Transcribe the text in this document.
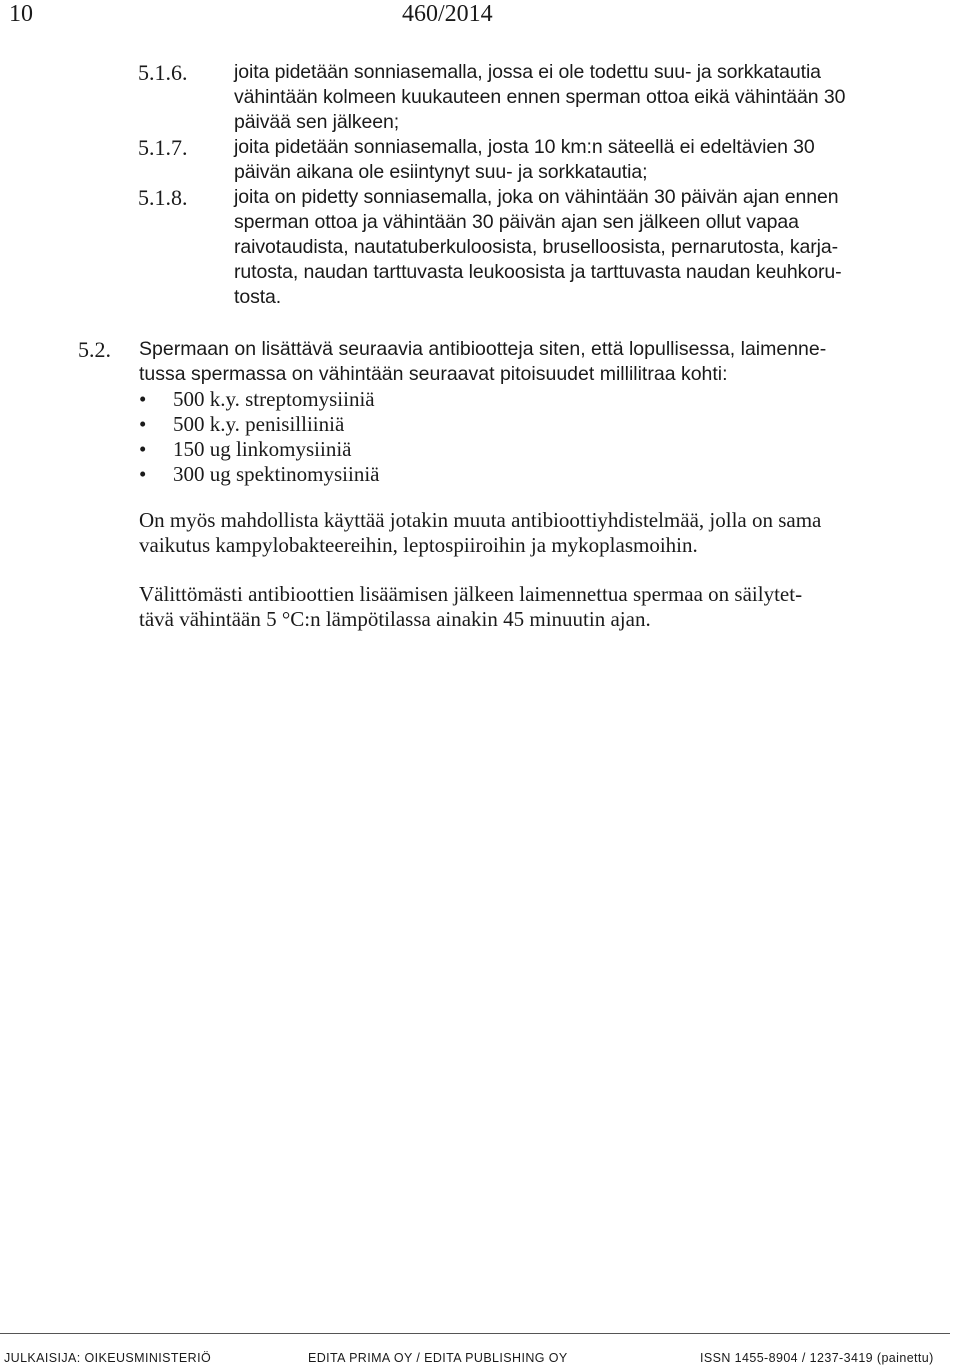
10	460/2014
5.1.6. joita pidetään sonniasemalla, jossa ei ole todettu suu- ja sorkkatautia
vähintään kolmeen kuukauteen ennen sperman ottoa eikä vähintään 30
päivää sen jälkeen;
5.1.7. joita pidetään sonniasemalla, josta 10 km:n säteellä ei edeltävien 30
päivän aikana ole esiintynyt suu- ja sorkkatautia;
5.1.8. joita on pidetty sonniasemalla, joka on vähintään 30 päivän ajan ennen
sperman ottoa ja vähintään 30 päivän ajan sen jälkeen ollut vapaa
raivotaudista, nautatuberkuloosista, bruselloosista, pernarutosta, karja-
rutosta, naudan tarttuvasta leukoosista ja tarttuvasta naudan keuhkoru-
tosta.
5.2. Spermaan on lisättävä seuraavia antibiootteja siten, että lopullisessa, laimenne-
tussa spermassa on vähintään seuraavat pitoisuudet millilitraa kohti:
• 500 k.y. streptomysiiniä
• 500 k.y. penisilliiniä
• 150 ug linkomysiiniä
• 300 ug spektinomysiiniä
On myös mahdollista käyttää jotakin muuta antibioottiyhdistelmää, jolla on sama
vaikutus kampylobakteereihin, leptospiiroihin ja mykoplasmoihin.
Välittömästi antibioottien lisäämisen jälkeen laimennettua spermaa on säilytet-
tävä vähintään 5 °C:n lämpötilassa ainakin 45 minuutin ajan.
JULKAISIJA: OIKEUSMINISTERIÖ	EDITA PRIMA OY / EDITA PUBLISHING OY	ISSN 1455-8904 / 1237-3419 (painettu)
